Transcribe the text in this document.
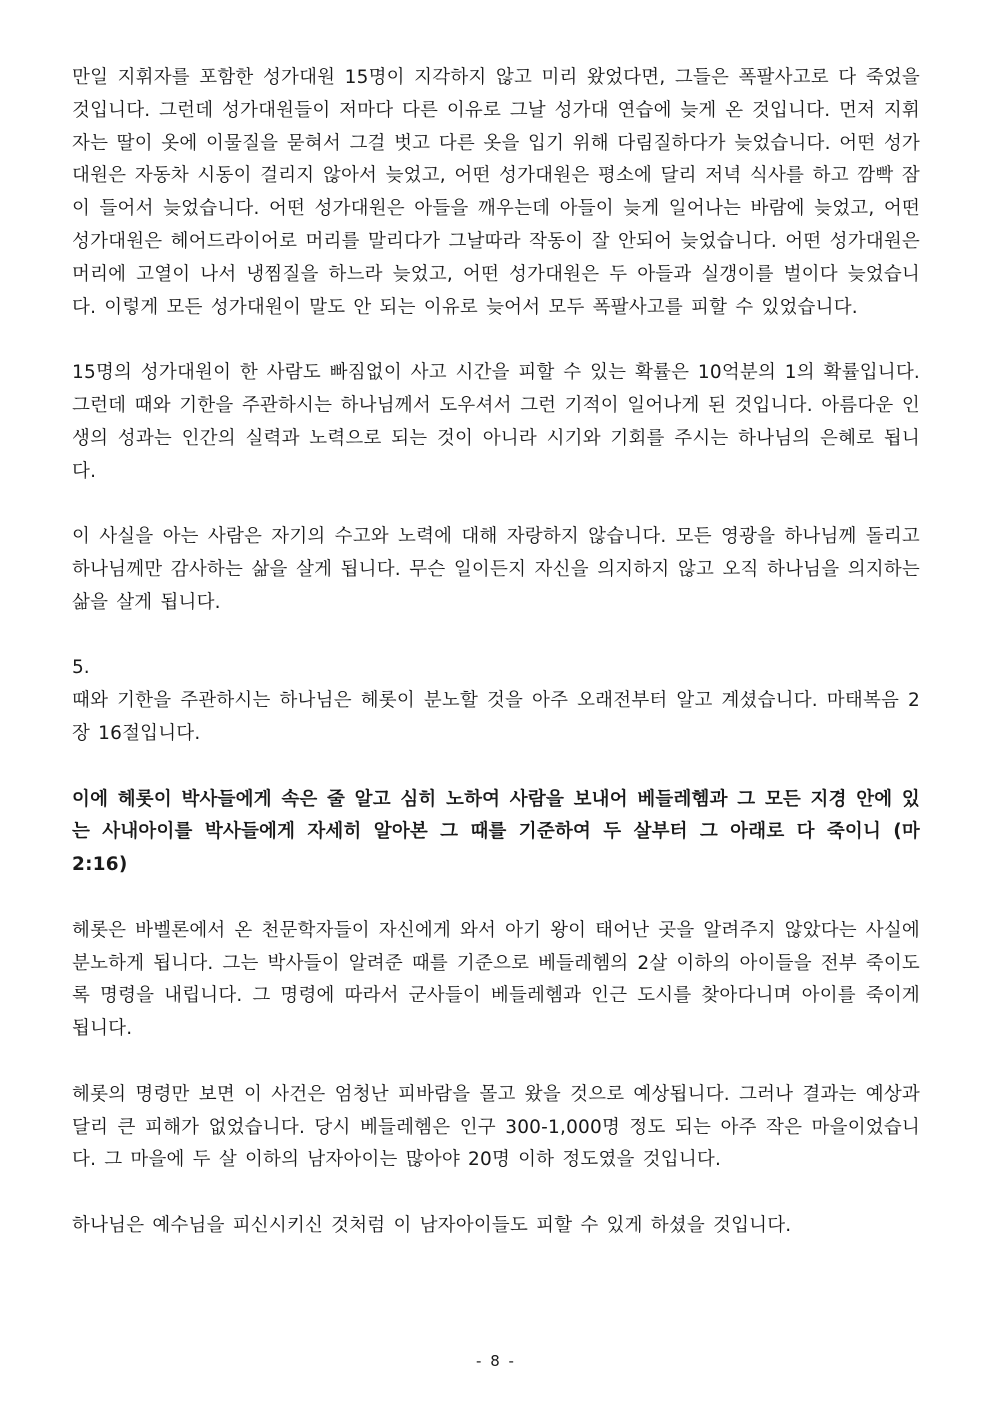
만일 지휘자를 포함한 성가대원 15명이 지각하지 않고 미리 왔었다면, 그들은 폭팔사고로 다 죽었을 것입니다. 그런데 성가대원들이 저마다 다른 이유로 그날 성가대 연습에 늦게 온 것입니다. 먼저 지휘자는 딸이 옷에 이물질을 묻혀서 그걸 벗고 다른 옷을 입기 위해 다림질하다가 늦었습니다. 어떤 성가대원은 자동차 시동이 걸리지 않아서 늦었고, 어떤 성가대원은 평소에 달리 저녁 식사를 하고 깜빡 잠이 들어서 늦었습니다. 어떤 성가대원은 아들을 깨우는데 아들이 늦게 일어나는 바람에 늦었고, 어떤 성가대원은 헤어드라이어로 머리를 말리다가 그날따라 작동이 잘 안되어 늦었습니다. 어떤 성가대원은 머리에 고열이 나서 냉찜질을 하느라 늦었고, 어떤 성가대원은 두 아들과 실갱이를 벌이다 늦었습니다. 이렇게 모든 성가대원이 말도 안 되는 이유로 늦어서 모두 폭팔사고를 피할 수 있었습니다.

15명의 성가대원이 한 사람도 빠짐없이 사고 시간을 피할 수 있는 확률은 10억분의 1의 확률입니다. 그런데 때와 기한을 주관하시는 하나님께서 도우셔서 그런 기적이 일어나게 된 것입니다. 아름다운 인생의 성과는 인간의 실력과 노력으로 되는 것이 아니라 시기와 기회를 주시는 하나님의 은혜로 됩니다.

이 사실을 아는 사람은 자기의 수고와 노력에 대해 자랑하지 않습니다. 모든 영광을 하나님께 돌리고 하나님께만 감사하는 삶을 살게 됩니다. 무슨 일이든지 자신을 의지하지 않고 오직 하나님을 의지하는 삶을 살게 됩니다.

5.

때와 기한을 주관하시는 하나님은 헤롯이 분노할 것을 아주 오래전부터 알고 계셨습니다. 마태복음 2장 16절입니다.

이에 헤롯이 박사들에게 속은 줄 알고 심히 노하여 사람을 보내어 베들레헴과 그 모든 지경 안에 있는 사내아이를 박사들에게 자세히 알아본 그 때를 기준하여 두 살부터 그 아래로 다 죽이니 (마 2:16)

헤롯은 바벨론에서 온 천문학자들이 자신에게 와서 아기 왕이 태어난 곳을 알려주지 않았다는 사실에 분노하게 됩니다. 그는 박사들이 알려준 때를 기준으로 베들레헴의 2살 이하의 아이들을 전부 죽이도록 명령을 내립니다. 그 명령에 따라서 군사들이 베들레헴과 인근 도시를 찾아다니며 아이를 죽이게 됩니다.

헤롯의 명령만 보면 이 사건은 엄청난 피바람을 몰고 왔을 것으로 예상됩니다. 그러나 결과는 예상과 달리 큰 피해가 없었습니다. 당시 베들레헴은 인구 300-1,000명 정도 되는 아주 작은 마을이었습니다. 그 마을에 두 살 이하의 남자아이는 많아야 20명 이하 정도였을 것입니다.

하나님은 예수님을 피신시키신 것처럼 이 남자아이들도 피할 수 있게 하셨을 것입니다.

- 8 -
